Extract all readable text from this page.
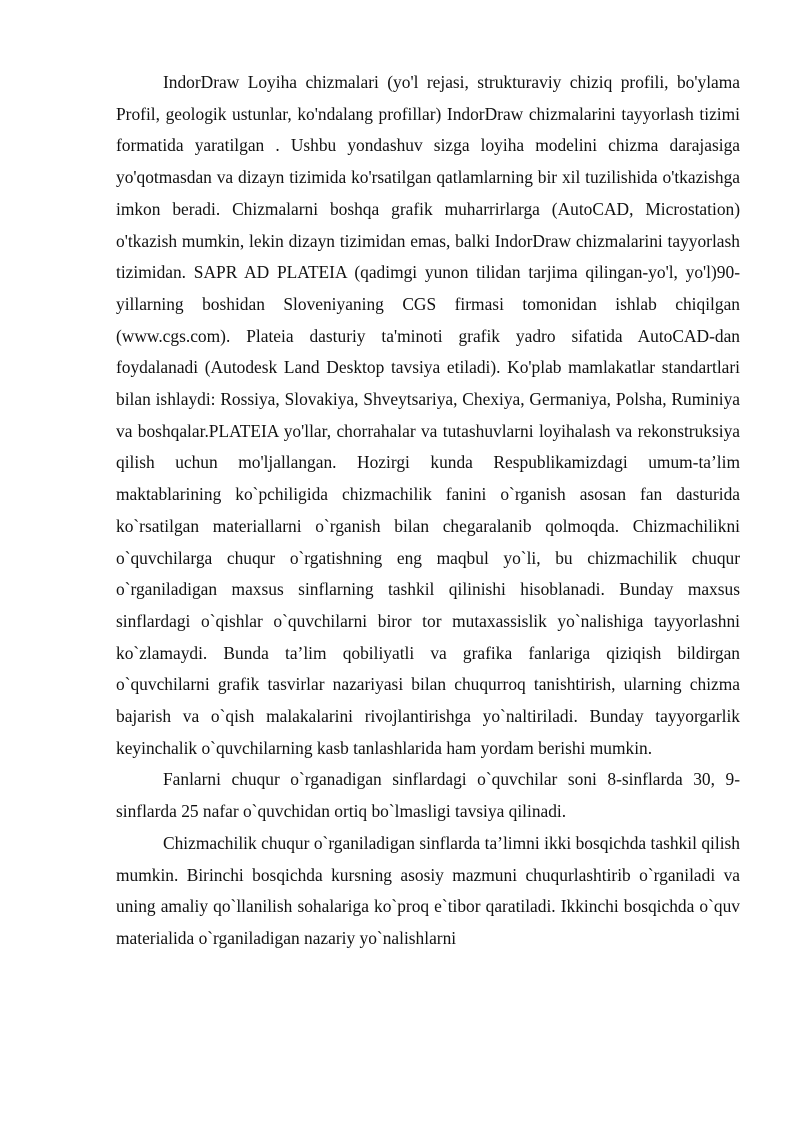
IndorDraw Loyiha chizmalari (yo'l rejasi, strukturaviy chiziq profili, bo'ylama Profil, geologik ustunlar, ko'ndalang profillar) IndorDraw chizmalarini tayyorlash tizimi formatida yaratilgan . Ushbu yondashuv sizga loyiha modelini chizma darajasiga yo'qotmasdan va dizayn tizimida ko'rsatilgan qatlamlarning bir xil tuzilishida o'tkazishga imkon beradi. Chizmalarni boshqa grafik muharrirlarga (AutoCAD, Microstation) o'tkazish mumkin, lekin dizayn tizimidan emas, balki IndorDraw chizmalarini tayyorlash tizimidan. SAPR AD PLATEIA (qadimgi yunon tilidan tarjima qilingan-yo'l, yo'l)90-yillarning boshidan Sloveniyaning CGS firmasi tomonidan ishlab chiqilgan (www.cgs.com). Plateia dasturiy ta'minoti grafik yadro sifatida AutoCAD-dan foydalanadi (Autodesk Land Desktop tavsiya etiladi). Ko'plab mamlakatlar standartlari bilan ishlaydi: Rossiya, Slovakiya, Shveytsariya, Chexiya, Germaniya, Polsha, Ruminiya va boshqalar.PLATEIA yo'llar, chorrahalar va tutashuvlarni loyihalash va rekonstruksiya qilish uchun mo'ljallangan. Hozirgi kunda Respublikamizdagi umum-ta’lim maktablarining ko`pchiligida chizmachilik fanini o`rganish asosan fan dasturida ko`rsatilgan materiallarni o`rganish bilan chegaralanib qolmoqda. Chizmachilikni o`quvchilarga chuqur o`rgatishning eng maqbul yo`li, bu chizmachilik chuqur o`rganiladigan maxsus sinflarning tashkil qilinishi hisoblanadi. Bunday maxsus sinflardagi o`qishlar o`quvchilarni biror tor mutaxassislik yo`nalishiga tayyorlashni ko`zlamaydi. Bunda ta’lim qobiliyatli va grafika fanlariga qiziqish bildirgan o`quvchilarni grafik tasvirlar nazariyasi bilan chuqurroq tanishtirish, ularning chizma bajarish va o`qish malakalarini rivojlantirishga yo`naltiriladi. Bunday tayyorgarlik keyinchalik o`quvchilarning kasb tanlashlarida ham yordam berishi mumkin.

Fanlarni chuqur o`rganadigan sinflardagi o`quvchilar soni 8-sinflarda 30, 9-sinflarda 25 nafar o`quvchidan ortiq bo`lmasligi tavsiya qilinadi.

Chizmachilik chuqur o`rganiladigan sinflarda ta’limni ikki bosqichda tashkil qilish mumkin. Birinchi bosqichda kursning asosiy mazmuni chuqurlashtirib o`rganiladi va uning amaliy qo`llanilish sohalariga ko`proq e`tibor qaratiladi. Ikkinchi bosqichda o`quv materialida o`rganiladigan nazariy yo`nalishlarni
